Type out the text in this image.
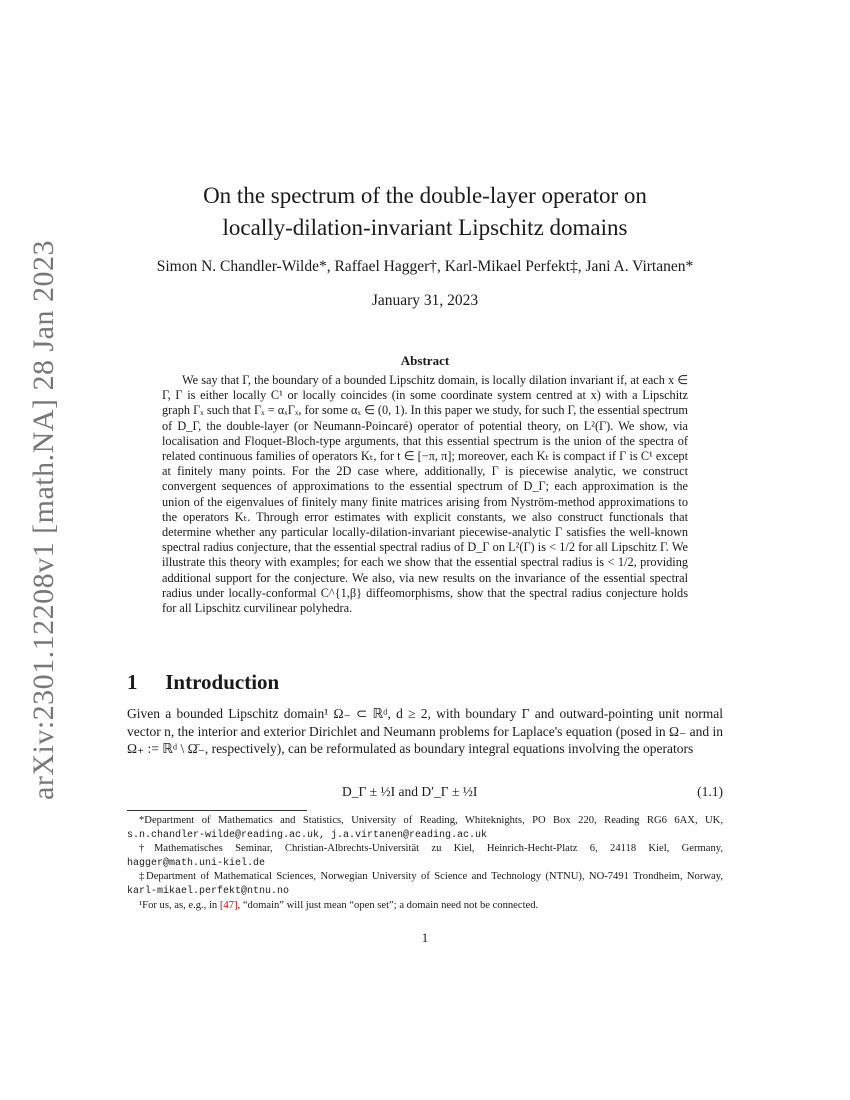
arXiv:2301.12208v1 [math.NA] 28 Jan 2023
On the spectrum of the double-layer operator on
locally-dilation-invariant Lipschitz domains
Simon N. Chandler-Wilde*, Raffael Hagger†, Karl-Mikael Perfekt‡, Jani A. Virtanen*
January 31, 2023
Abstract
We say that Γ, the boundary of a bounded Lipschitz domain, is locally dilation invariant if, at each x ∈ Γ, Γ is either locally C¹ or locally coincides (in some coordinate system centred at x) with a Lipschitz graph Γₓ such that Γₓ = αₓΓₓ, for some αₓ ∈ (0, 1). In this paper we study, for such Γ, the essential spectrum of D_Γ, the double-layer (or Neumann-Poincaré) operator of potential theory, on L²(Γ). We show, via localisation and Floquet-Bloch-type arguments, that this essential spectrum is the union of the spectra of related continuous families of operators Kₜ, for t ∈ [−π, π]; moreover, each Kₜ is compact if Γ is C¹ except at finitely many points. For the 2D case where, additionally, Γ is piecewise analytic, we construct convergent sequences of approximations to the essential spectrum of D_Γ; each approximation is the union of the eigenvalues of finitely many finite matrices arising from Nyström-method approximations to the operators Kₜ. Through error estimates with explicit constants, we also construct functionals that determine whether any particular locally-dilation-invariant piecewise-analytic Γ satisfies the well-known spectral radius conjecture, that the essential spectral radius of D_Γ on L²(Γ) is < 1/2 for all Lipschitz Γ. We illustrate this theory with examples; for each we show that the essential spectral radius is < 1/2, providing additional support for the conjecture. We also, via new results on the invariance of the essential spectral radius under locally-conformal C^{1,β} diffeomorphisms, show that the spectral radius conjecture holds for all Lipschitz curvilinear polyhedra.
1 Introduction
Given a bounded Lipschitz domain¹ Ω₋ ⊂ ℝᵈ, d ≥ 2, with boundary Γ and outward-pointing unit normal vector n, the interior and exterior Dirichlet and Neumann problems for Laplace's equation (posed in Ω₋ and in Ω₊ := ℝᵈ \ Ω̄₋, respectively), can be reformulated as boundary integral equations involving the operators
D_Γ ± ½I and D′_Γ ± ½I	(1.1)

*Department of Mathematics and Statistics, University of Reading, Whiteknights, PO Box 220, Reading RG6 6AX, UK, s.n.chandler-wilde@reading.ac.uk, j.a.virtanen@reading.ac.uk

†Mathematisches Seminar, Christian-Albrechts-Universität zu Kiel, Heinrich-Hecht-Platz 6, 24118 Kiel, Germany, hagger@math.uni-kiel.de

‡Department of Mathematical Sciences, Norwegian University of Science and Technology (NTNU), NO-7491 Trondheim, Norway, karl-mikael.perfekt@ntnu.no

¹For us, as, e.g., in [47], “domain” will just mean “open set”; a domain need not be connected.

1
